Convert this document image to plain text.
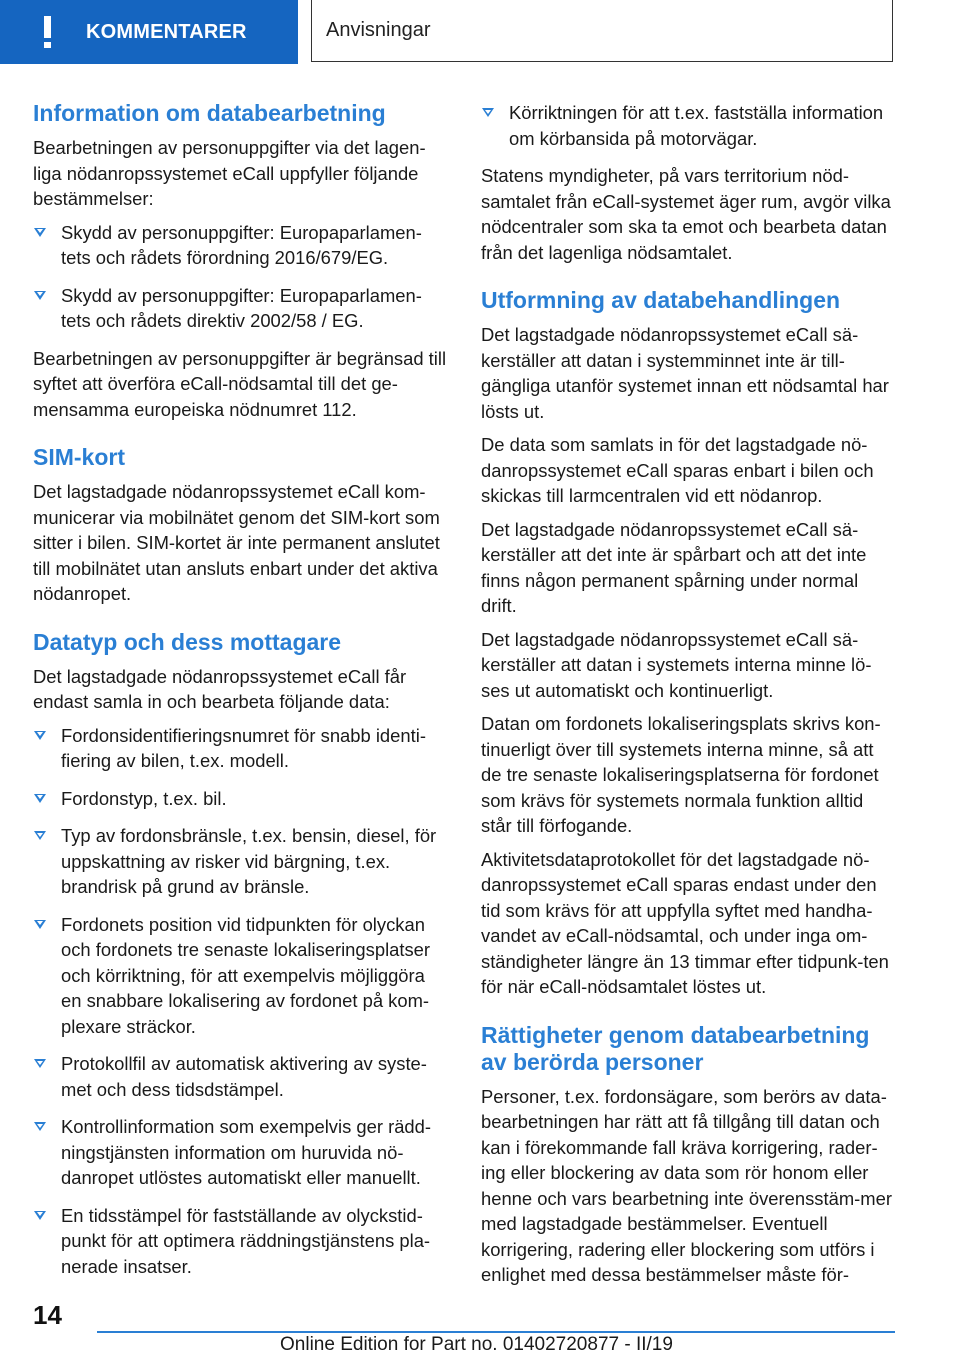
KOMMENTARER	Anvisningar
Information om databearbetning

Bearbetningen av personuppgifter via det lagen-liga nödanropssystemet eCall uppfyller följande bestämmelser:

Skydd av personuppgifter: Europaparlamen-tets och rådets förordning 2016/679/EG.
Skydd av personuppgifter: Europaparlamen-tets och rådets direktiv 2002/58 / EG.

Bearbetningen av personuppgifter är begränsad till syftet att överföra eCall-nödsamtal till det ge-mensamma europeiska nödnumret 112.

SIM-kort

Det lagstadgade nödanropssystemet eCall kom-municerar via mobilnätet genom det SIM-kort som sitter i bilen. SIM-kortet är inte permanent anslutet till mobilnätet utan ansluts enbart under det aktiva nödanropet.

Datatyp och dess mottagare

Det lagstadgade nödanropssystemet eCall får endast samla in och bearbeta följande data:

Fordonsidentifieringsnumret för snabb identi-fiering av bilen, t.ex. modell.
Fordonstyp, t.ex. bil.
Typ av fordonsbränsle, t.ex. bensin, diesel, för uppskattning av risker vid bärgning, t.ex. brandrisk på grund av bränsle.
Fordonets position vid tidpunkten för olyckan och fordonets tre senaste lokaliseringsplatser och körriktning, för att exempelvis möjliggöra en snabbare lokalisering av fordonet på kom-plexare sträckor.
Protokollfil av automatisk aktivering av syste-met och dess tidsdstämpel.
Kontrollinformation som exempelvis ger rädd-ningstjänsten information om huruvida nö-danropet utlöstes automatiskt eller manuellt.
En tidsstämpel för fastställande av olyckstid-punkt för att optimera räddningstjänstens pla-nerade insatser.
Körriktningen för att t.ex. fastställa information om körbansida på motorvägar.

Statens myndigheter, på vars territorium nöd-samtalet från eCall-systemet äger rum, avgör vilka nödcentraler som ska ta emot och bearbeta datan från det lagenliga nödsamtalet.

Utformning av databehandlingen

Det lagstadgade nödanropssystemet eCall sä-kerställer att datan i systemminnet inte är till-gängliga utanför systemet innan ett nödsamtal har lösts ut.

De data som samlats in för det lagstadgade nö-danropssystemet eCall sparas enbart i bilen och skickas till larmcentralen vid ett nödanrop.

Det lagstadgade nödanropssystemet eCall sä-kerställer att det inte är spårbart och att det inte finns någon permanent spårning under normal drift.

Det lagstadgade nödanropssystemet eCall sä-kerställer att datan i systemets interna minne lö-ses ut automatiskt och kontinuerligt.

Datan om fordonets lokaliseringsplats skrivs kon-tinuerligt över till systemets interna minne, så att de tre senaste lokaliseringsplatserna för fordonet som krävs för systemets normala funktion alltid står till förfogande.

Aktivitetsdataprotokollet för det lagstadgade nö-danropssystemet eCall sparas endast under den tid som krävs för att uppfylla syftet med handha-vandet av eCall-nödsamtal, och under inga om-ständigheter längre än 13 timmar efter tidpunk-ten för när eCall-nödsamtalet löstes ut.

Rättigheter genom databearbetning av berörda personer

Personer, t.ex. fordonsägare, som berörs av data-bearbetningen har rätt att få tillgång till datan och kan i förekommande fall kräva korrigering, rader-ing eller blockering av data som rör honom eller henne och vars bearbetning inte överensstäm-mer med lagstadgade bestämmelser. Eventuell korrigering, radering eller blockering som utförs i enlighet med dessa bestämmelser måste för-

14
Online Edition for Part no. 01402720877 - II/19
